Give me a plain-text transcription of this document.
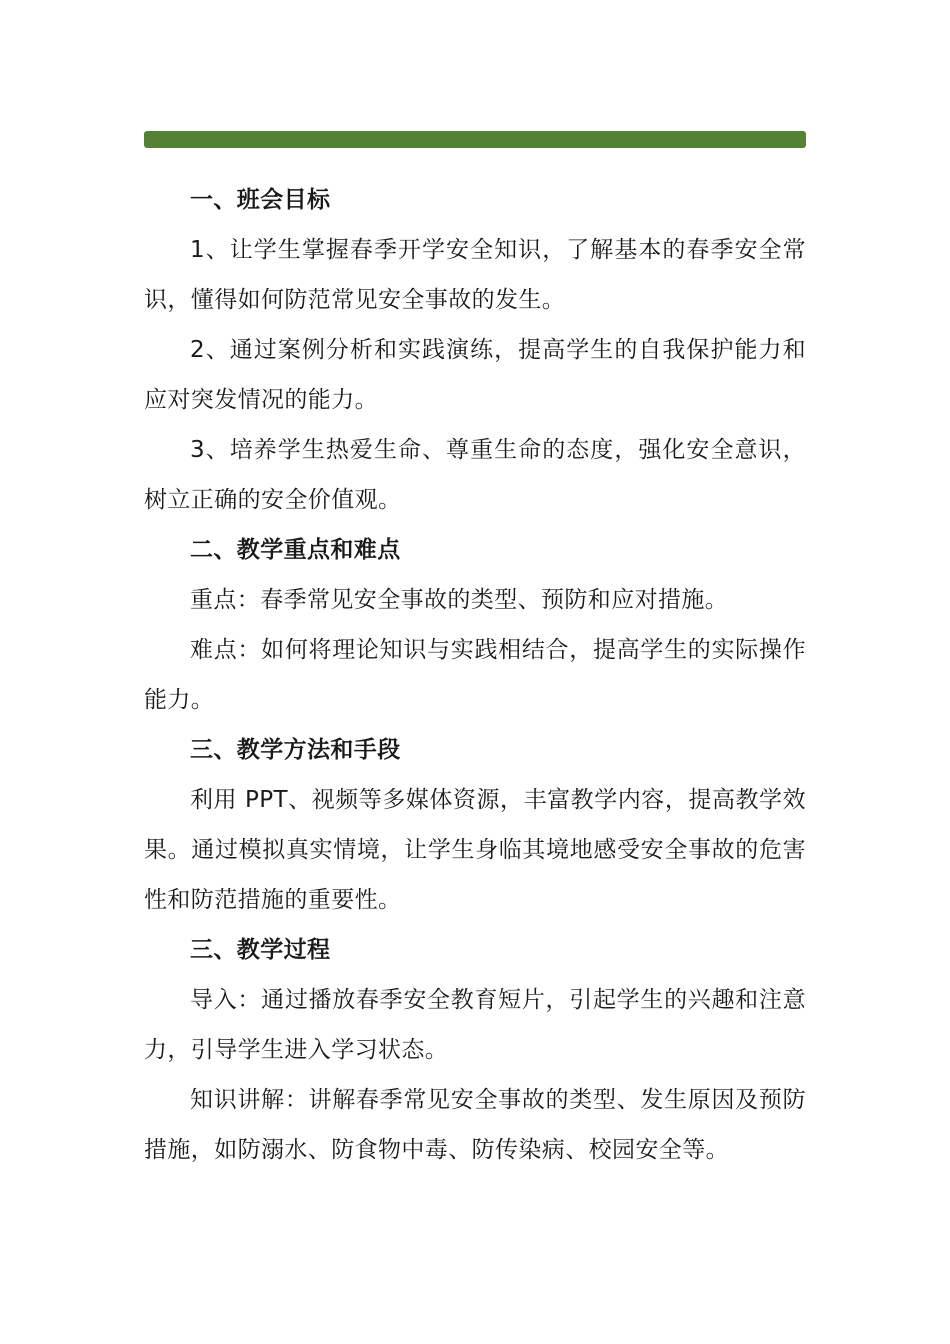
一、班会目标

1、让学生掌握春季开学安全知识，了解基本的春季安全常识，懂得如何防范常见安全事故的发生。

2、通过案例分析和实践演练，提高学生的自我保护能力和应对突发情况的能力。

3、培养学生热爱生命、尊重生命的态度，强化安全意识，树立正确的安全价值观。

二、教学重点和难点

重点：春季常见安全事故的类型、预防和应对措施。

难点：如何将理论知识与实践相结合，提高学生的实际操作能力。

三、教学方法和手段

利用 PPT、视频等多媒体资源，丰富教学内容，提高教学效果。通过模拟真实情境，让学生身临其境地感受安全事故的危害性和防范措施的重要性。

三、教学过程

导入：通过播放春季安全教育短片，引起学生的兴趣和注意力，引导学生进入学习状态。

知识讲解：讲解春季常见安全事故的类型、发生原因及预防措施，如防溺水、防食物中毒、防传染病、校园安全等。
